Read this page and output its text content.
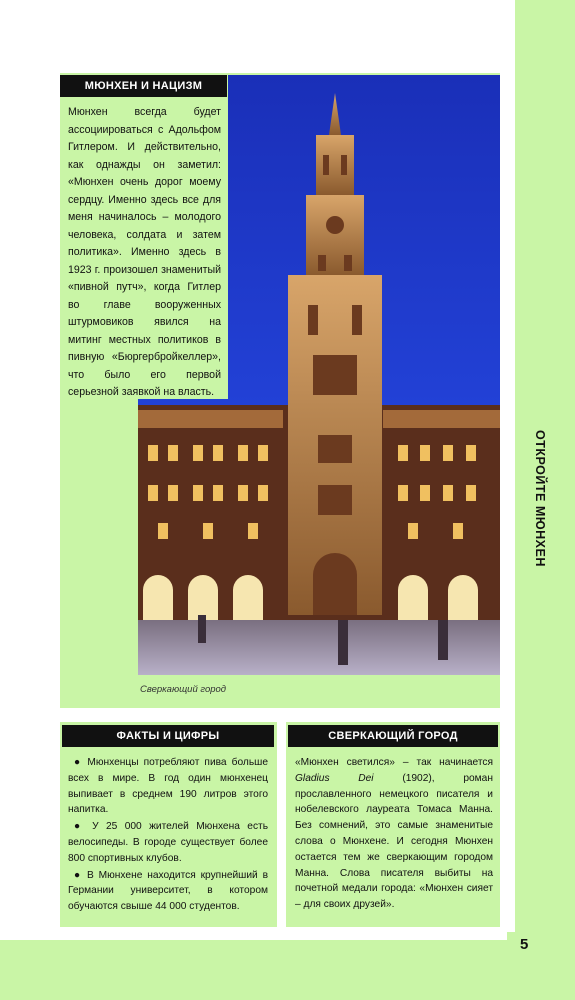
ОТКРОЙТЕ МЮНХЕН
Сверкающий город
МЮНХЕН И НАЦИЗМ
Мюнхен всегда будет ассоциироваться с Адольфом Гитлером. И действительно, как однажды он заметил: «Мюнхен очень дорог моему сердцу. Именно здесь все для меня начиналось – молодого человека, солдата и затем политика». Именно здесь в 1923 г. произошел знаменитый «пивной путч», когда Гитлер во главе вооруженных штурмовиков явился на митинг местных политиков в пивную «Бюргербройкеллер», что было его первой серьезной заявкой на власть.
ФАКТЫ И ЦИФРЫ

● Мюнхенцы потребляют пива больше всех в мире. В год один мюнхенец выпивает в среднем 190 литров этого напитка.

● У 25 000 жителей Мюнхена есть велосипеды. В городе существует более 800 спортивных клубов.

● В Мюнхене находится крупнейший в Германии университет, в котором обучаются свыше 44 000 студентов.

СВЕРКАЮЩИЙ ГОРОД
«Мюнхен светился» – так начинается Gladius Dei (1902), роман прославленного немецкого писателя и нобелевского лауреата Томаса Манна. Без сомнений, это самые знаменитые слова о Мюнхене. И сегодня Мюнхен остается тем же сверкающим городом Манна. Слова писателя выбиты на почетной медали города: «Мюнхен сияет – для своих друзей».
5
